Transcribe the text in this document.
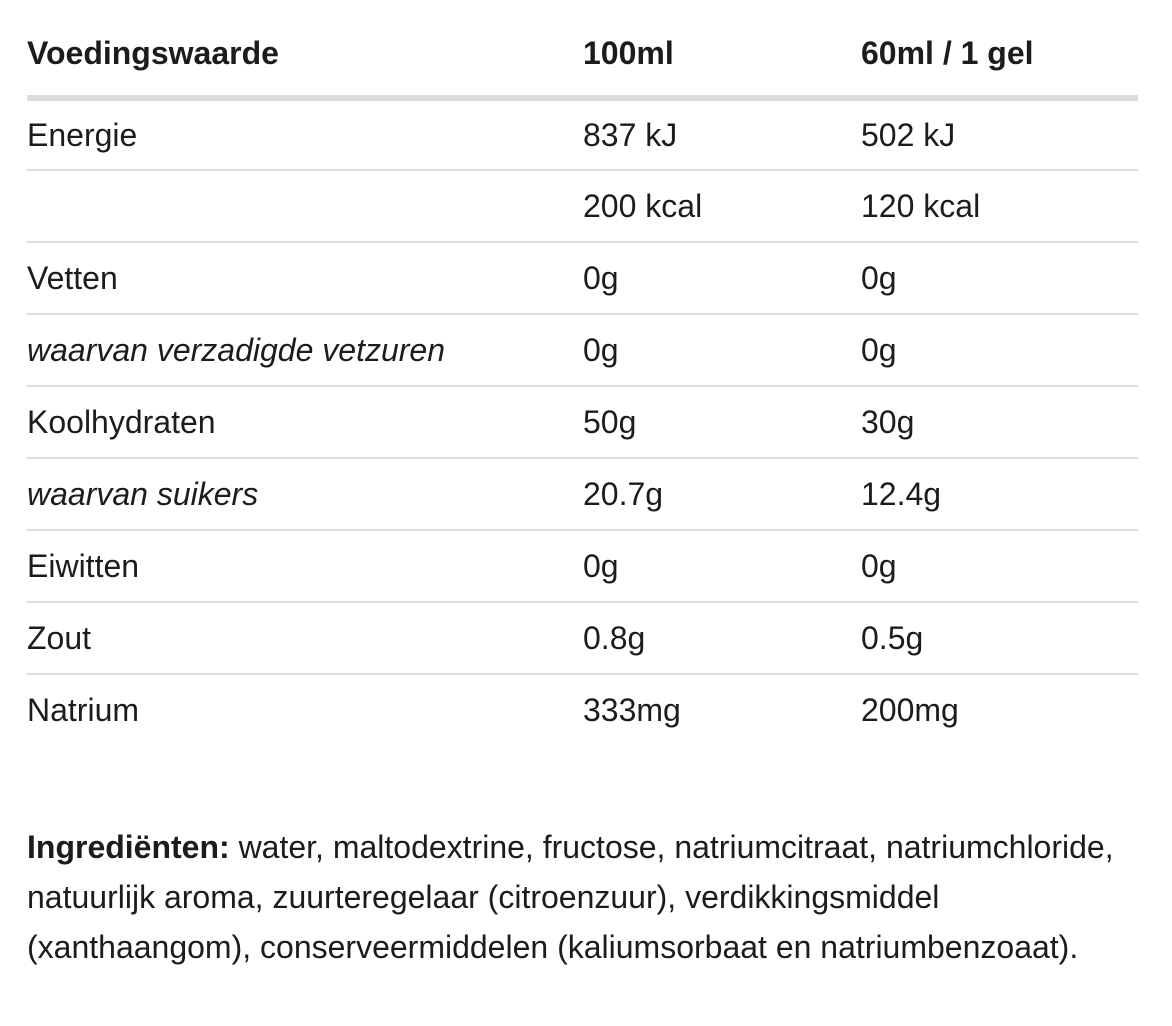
Voedingswaarde	100ml	60ml / 1 gel
Energie	837 kJ	502 kJ
	200 kcal	120 kcal
Vetten	0g	0g
waarvan verzadigde vetzuren	0g	0g
Koolhydraten	50g	30g
waarvan suikers	20.7g	12.4g
Eiwitten	0g	0g
Zout	0.8g	0.5g
Natrium	333mg	200mg

Ingrediënten: water, maltodextrine, fructose, natriumcitraat, natriumchloride, natuurlijk aroma, zuurteregelaar (citroenzuur), verdikkingsmiddel (xanthaangom), conserveermiddelen (kaliumsorbaat en natriumbenzoaat).
